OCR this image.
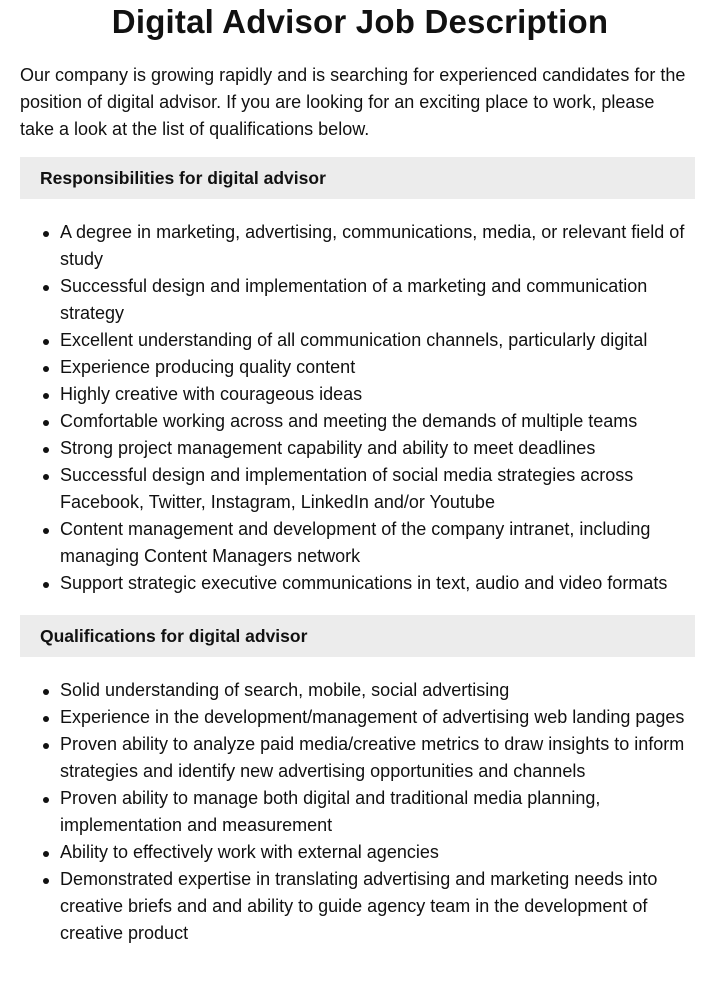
Digital Advisor Job Description

Our company is growing rapidly and is searching for experienced candidates for the position of digital advisor. If you are looking for an exciting place to work, please take a look at the list of qualifications below.

Responsibilities for digital advisor
A degree in marketing, advertising, communications, media, or relevant field of study
Successful design and implementation of a marketing and communication strategy
Excellent understanding of all communication channels, particularly digital
Experience producing quality content
Highly creative with courageous ideas
Comfortable working across and meeting the demands of multiple teams
Strong project management capability and ability to meet deadlines
Successful design and implementation of social media strategies across Facebook, Twitter, Instagram, LinkedIn and/or Youtube
Content management and development of the company intranet, including managing Content Managers network
Support strategic executive communications in text, audio and video formats
Qualifications for digital advisor
Solid understanding of search, mobile, social advertising
Experience in the development/management of advertising web landing pages
Proven ability to analyze paid media/creative metrics to draw insights to inform strategies and identify new advertising opportunities and channels
Proven ability to manage both digital and traditional media planning, implementation and measurement
Ability to effectively work with external agencies
Demonstrated expertise in translating advertising and marketing needs into creative briefs and and ability to guide agency team in the development of creative product
